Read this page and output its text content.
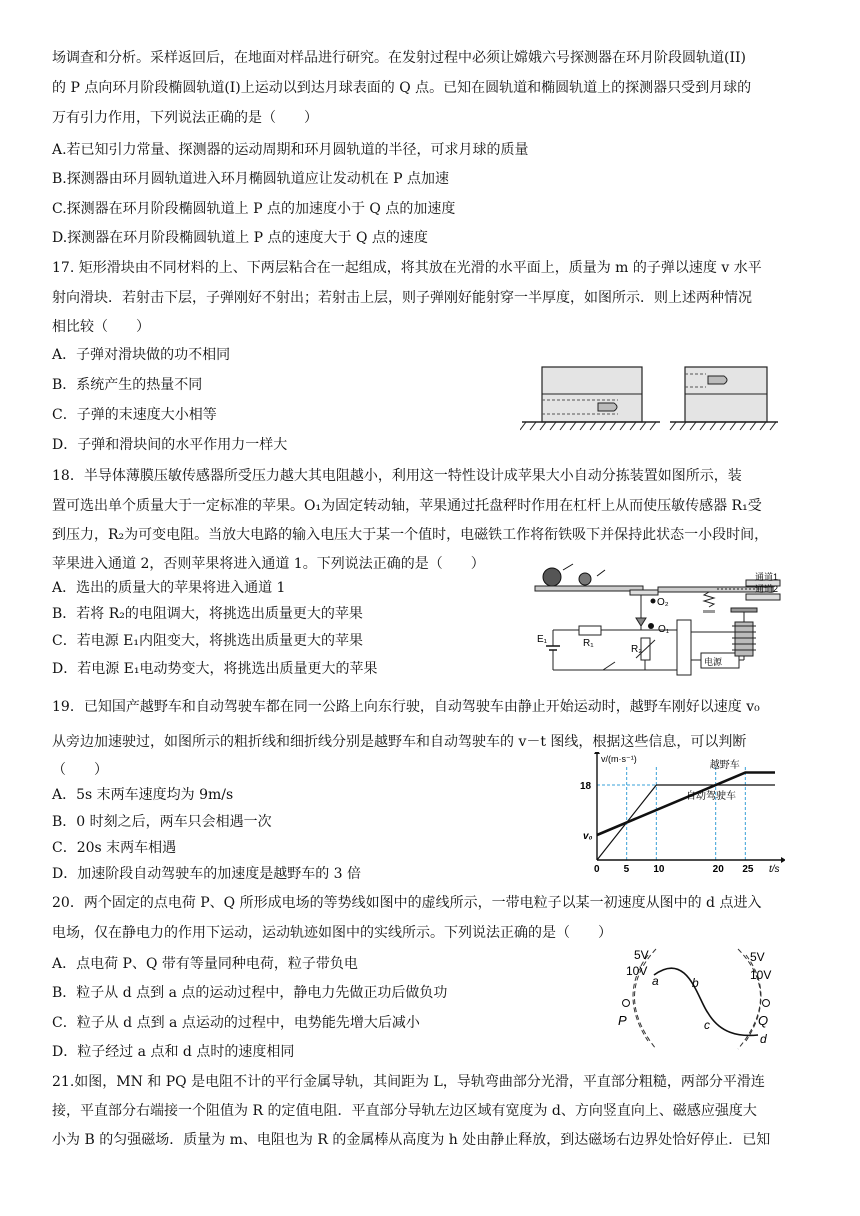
场调查和分析。采样返回后，在地面对样品进行研究。在发射过程中必须让嫦娥六号探测器在环月阶段圆轨道(II)
的 P 点向环月阶段椭圆轨道(I)上运动以到达月球表面的 Q 点。已知在圆轨道和椭圆轨道上的探测器只受到月球的
万有引力作用，下列说法正确的是（　　）
A.若已知引力常量、探测器的运动周期和环月圆轨道的半径，可求月球的质量
B.探测器由环月圆轨道进入环月椭圆轨道应让发动机在 P 点加速
C.探测器在环月阶段椭圆轨道上 P 点的加速度小于 Q 点的加速度
D.探测器在环月阶段椭圆轨道上 P 点的速度大于 Q 点的速度
17. 矩形滑块由不同材料的上、下两层粘合在一起组成，将其放在光滑的水平面上，质量为 m 的子弹以速度 v 水平
射向滑块．若射击下层，子弹刚好不射出；若射击上层，则子弹刚好能射穿一半厚度，如图所示．则上述两种情况
相比较（　　）
A．子弹对滑块做的功不相同
B．系统产生的热量不同
C．子弹的末速度大小相等
D．子弹和滑块间的水平作用力一样大
18．半导体薄膜压敏传感器所受压力越大其电阻越小，利用这一特性设计成苹果大小自动分拣装置如图所示，装
置可选出单个质量大于一定标准的苹果。O₁为固定转动轴，苹果通过托盘秤时作用在杠杆上从而使压敏传感器 R₁受
到压力，R₂为可变电阻。当放大电路的输入电压大于某一个值时，电磁铁工作将衔铁吸下并保持此状态一小段时间，
苹果进入通道 2，否则苹果将进入通道 1。下列说法正确的是（　　）
A．选出的质量大的苹果将进入通道 1
B．若将 R₂的电阻调大，将挑选出质量更大的苹果
C．若电源 E₁内阻变大，将挑选出质量更大的苹果
D．若电源 E₁电动势变大，将挑选出质量更大的苹果
O₂
O₁
通道1
通道2
电源
R₁
R₂
E₁
19．已知国产越野车和自动驾驶车都在同一公路上向东行驶，自动驾驶车由静止开始运动时，越野车刚好以速度 v₀
从旁边加速驶过，如图所示的粗折线和细折线分别是越野车和自动驾驶车的 v－t 图线，根据这些信息，可以判断
（　　）
A．5s 末两车速度均为 9m/s
B．0 时刻之后，两车只会相遇一次
C．20s 末两车相遇
D．加速阶段自动驾驶车的加速度是越野车的 3 倍	0 5 10	20 25
v₀
18
v/(m·s⁻¹)
t/s
越野车
自动驾驶车
20．两个固定的点电荷 P、Q 所形成电场的等势线如图中的虚线所示，一带电粒子以某一初速度从图中的 d 点进入
电场，仅在静电力的作用下运动，运动轨迹如图中的实线所示。下列说法正确的是（　　）
A．点电荷 P、Q 带有等量同种电荷，粒子带负电
B．粒子从 d 点到 a 点的运动过程中，静电力先做正功后做负功
C．粒子从 d 点到 a 点运动的过程中，电势能先增大后减小
D．粒子经过 a 点和 d 点时的速度相同
5V
10V
5V
10V
a	b
c
d
P	Q
21.如图，MN 和 PQ 是电阻不计的平行金属导轨，其间距为 L，导轨弯曲部分光滑，平直部分粗糙，两部分平滑连
接，平直部分右端接一个阻值为 R 的定值电阻．平直部分导轨左边区域有宽度为 d、方向竖直向上、磁感应强度大
小为 B 的匀强磁场．质量为 m、电阻也为 R 的金属棒从高度为 h 处由静止释放，到达磁场右边界处恰好停止．已知
